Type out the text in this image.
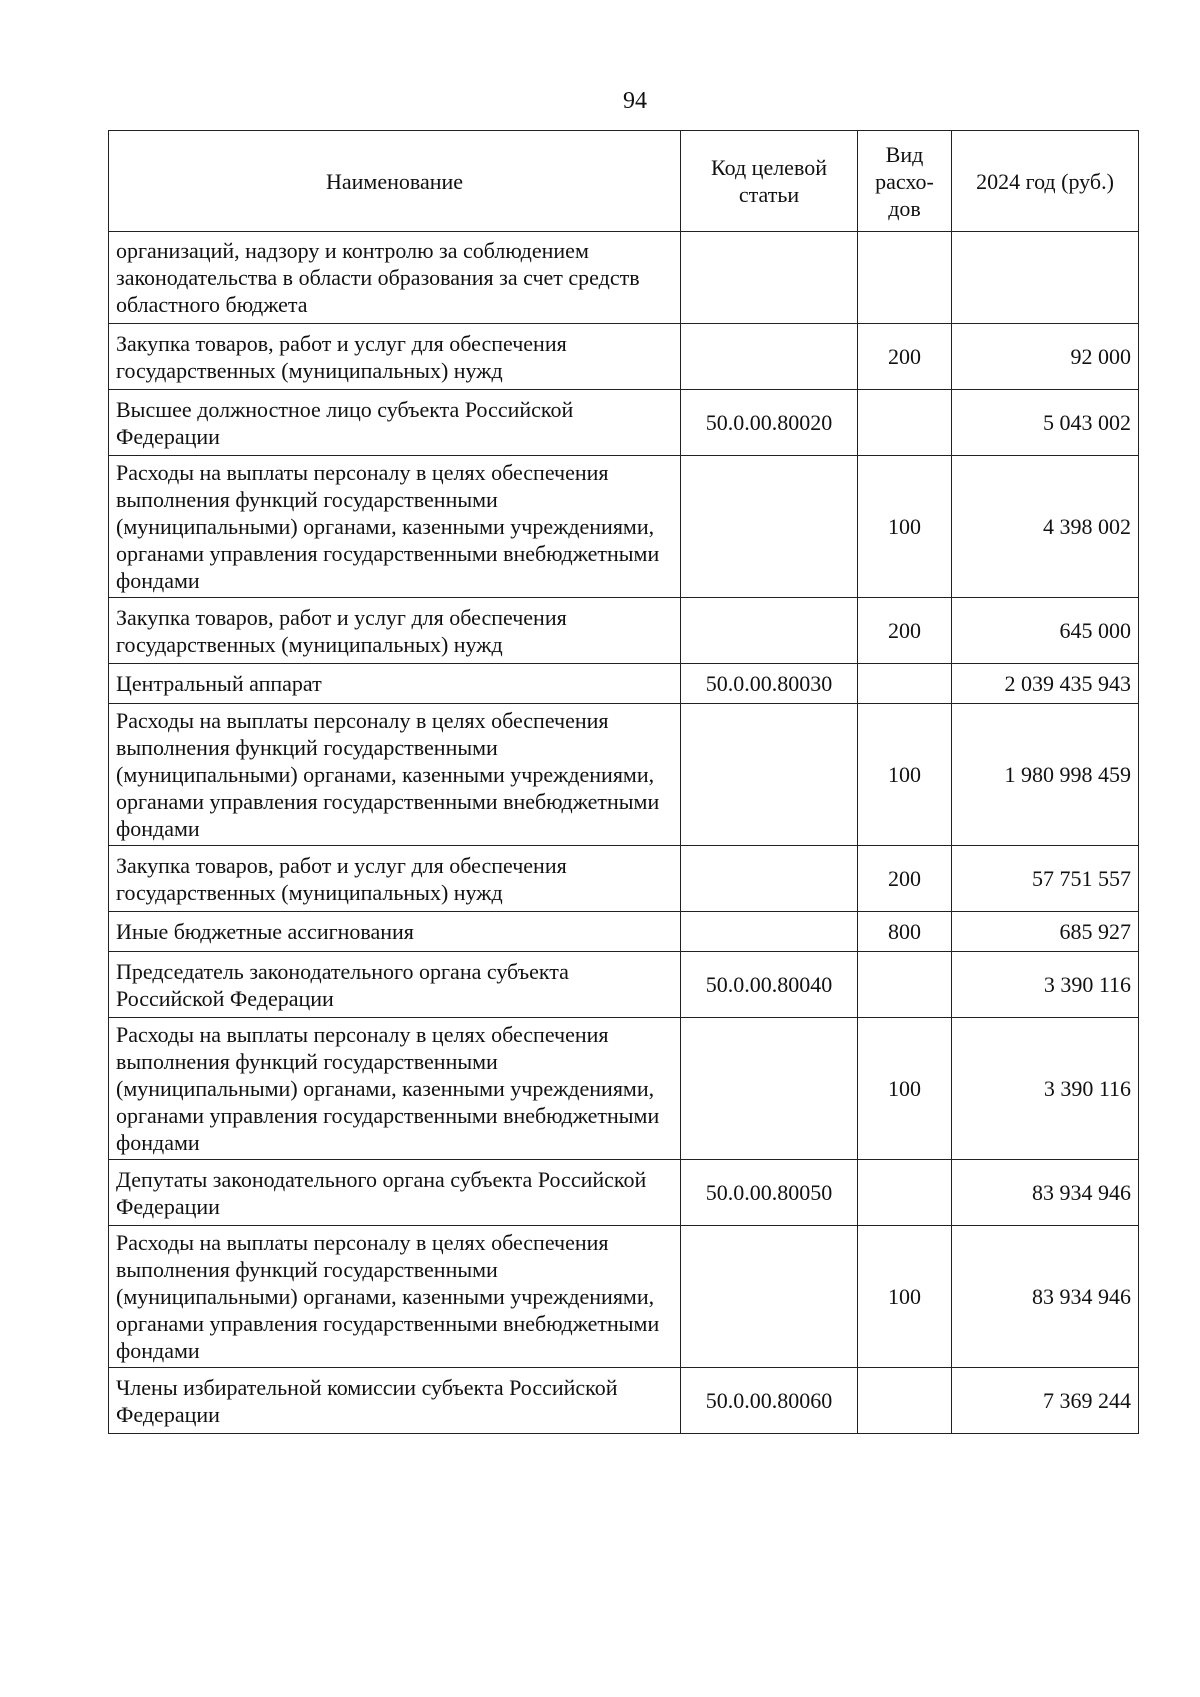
94
Наименование	Код целевой статьи	Вид расхо-дов	2024 год (руб.)
организаций, надзору и контролю за соблюдением законодательства в области образования за счет средств областного бюджета			
Закупка товаров, работ и услуг для обеспечения государственных (муниципальных) нужд		200	92 000
Высшее должностное лицо субъекта Российской Федерации	50.0.00.80020		5 043 002
Расходы на выплаты персоналу в целях обеспечения выполнения функций государственными (муниципальными) органами, казенными учреждениями, органами управления государственными внебюджетными фондами		100	4 398 002
Закупка товаров, работ и услуг для обеспечения государственных (муниципальных) нужд		200	645 000
Центральный аппарат	50.0.00.80030		2 039 435 943
Расходы на выплаты персоналу в целях обеспечения выполнения функций государственными (муниципальными) органами, казенными учреждениями, органами управления государственными внебюджетными фондами		100	1 980 998 459
Закупка товаров, работ и услуг для обеспечения государственных (муниципальных) нужд		200	57 751 557
Иные бюджетные ассигнования		800	685 927
Председатель законодательного органа субъекта Российской Федерации	50.0.00.80040		3 390 116
Расходы на выплаты персоналу в целях обеспечения выполнения функций государственными (муниципальными) органами, казенными учреждениями, органами управления государственными внебюджетными фондами		100	3 390 116
Депутаты законодательного органа субъекта Российской Федерации	50.0.00.80050		83 934 946
Расходы на выплаты персоналу в целях обеспечения выполнения функций государственными (муниципальными) органами, казенными учреждениями, органами управления государственными внебюджетными фондами		100	83 934 946
Члены избирательной комиссии субъекта Российской Федерации	50.0.00.80060		7 369 244
